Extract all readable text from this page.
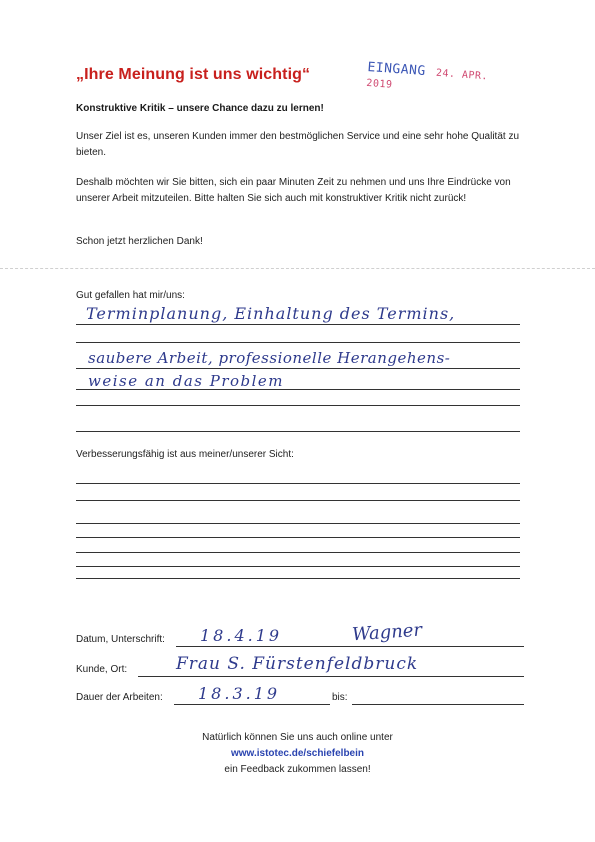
„Ihre Meinung ist uns wichtig“	EINGANG 24. APR. 2019
Konstruktive Kritik – unsere Chance dazu zu lernen!
Unser Ziel ist es, unseren Kunden immer den bestmöglichen Service und eine sehr hohe Qualität zu bieten.
Deshalb möchten wir Sie bitten, sich ein paar Minuten Zeit zu nehmen und uns Ihre Eindrücke von unserer Arbeit mitzuteilen. Bitte halten Sie sich auch mit konstruktiver Kritik nicht zurück!
Schon jetzt herzlichen Dank!
Gut gefallen hat mir/uns:
Terminplanung, Einhaltung des Termins,
saubere Arbeit, professionelle Herangehens-
weise an das Problem
Verbesserungsfähig ist aus meiner/unserer Sicht:
Datum, Unterschrift: 18.4.19	Wagner
Kunde, Ort:	Frau S. Fürstenfeldbruck
Dauer der Arbeiten: 18.3.19	bis:
Natürlich können Sie uns auch online unter
www.istotec.de/schiefelbein
ein Feedback zukommen lassen!
